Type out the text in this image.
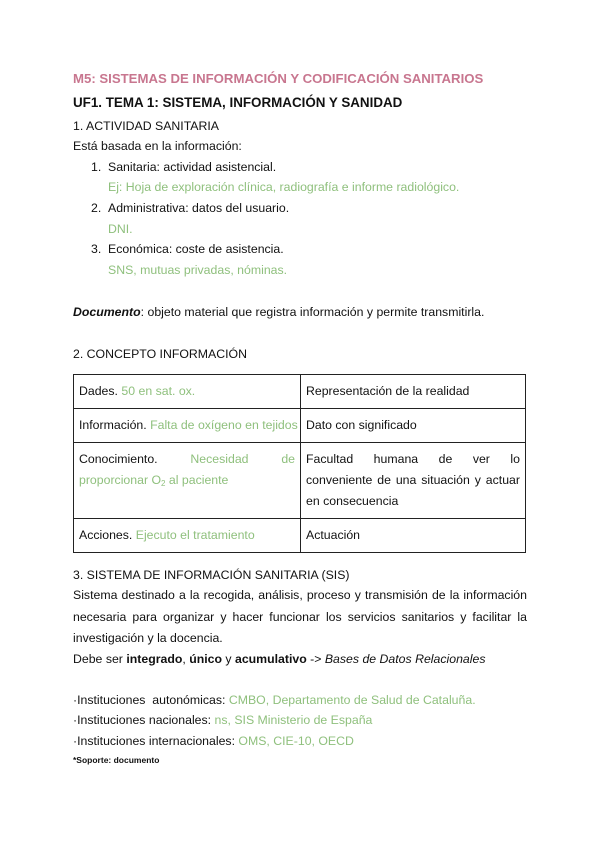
M5: SISTEMAS DE INFORMACIÓN Y CODIFICACIÓN SANITARIOS
UF1. TEMA 1: SISTEMA, INFORMACIÓN Y SANIDAD
1. ACTIVIDAD SANITARIA
Está basada en la información:
1. Sanitaria: actividad asistencial.
Ej: Hoja de exploración clínica, radiografía e informe radiológico.
2. Administrativa: datos del usuario.
DNI.
3. Económica: coste de asistencia.
SNS, mutuas privadas, nóminas.
Documento: objeto material que registra información y permite transmitirla.
2. CONCEPTO INFORMACIÓN
Dades. 50 en sat. ox.	Representación de la realidad
Información. Falta de oxígeno en tejidos	Dato con significado
Conocimiento. Necesidad de proporcionar $O_2$ al paciente	Facultad humana de ver lo conveniente de una situación y actuar en consecuencia
Acciones. Ejecuto el tratamiento	Actuación
3. SISTEMA DE INFORMACIÓN SANITARIA (SIS)
Sistema destinado a la recogida, análisis, proceso y transmisión de la información necesaria para organizar y hacer funcionar los servicios sanitarios y facilitar la investigación y la docencia.
Debe ser integrado, único y acumulativo -> Bases de Datos Relacionales
·Instituciones  autonómicas: CMBO, Departamento de Salud de Cataluña.
·Instituciones nacionales: ns, SIS Ministerio de España
·Instituciones internacionales: OMS, CIE-10, OECD
*Soporte: documento
